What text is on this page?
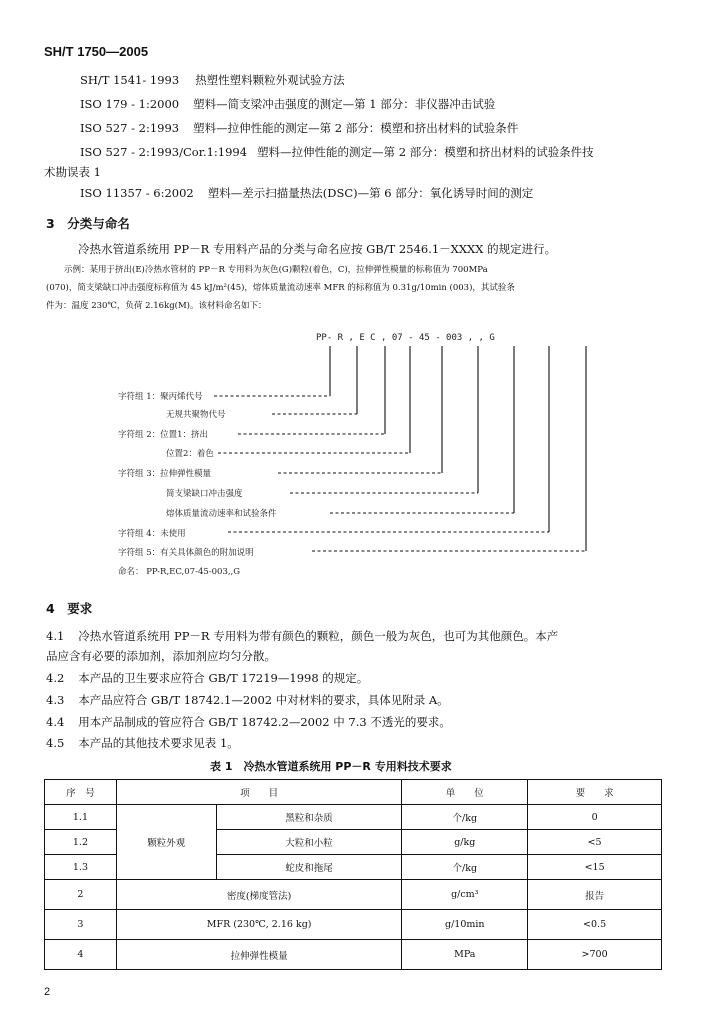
SH/T 1750—2005
SH/T 1541- 1993 热塑性塑料颗粒外观试验方法
ISO 179 - 1:2000 塑料—简支梁冲击强度的测定—第 1 部分：非仪器冲击试验
ISO 527 - 2:1993 塑料—拉伸性能的测定—第 2 部分：模塑和挤出材料的试验条件
ISO 527 - 2:1993/Cor.1:1994 塑料—拉伸性能的测定—第 2 部分：模塑和挤出材料的试验条件技
术勘误表 1
ISO 11357 - 6:2002 塑料—差示扫描量热法(DSC)—第 6 部分：氧化诱导时间的测定
3　分类与命名
冷热水管道系统用 PP－R 专用料产品的分类与命名应按 GB/T 2546.1－XXXX 的规定进行。
示例：某用于挤出(E)冷热水管材的 PP－R 专用料为灰色(G)颗粒(着色，C)，拉伸弹性模量的标称值为 700MPa
(070)，简支梁缺口冲击强度标称值为 45 kJ/m²(45)，熔体质量流动速率 MFR 的标称值为 0.31g/10min (003)，其试验条
件为：温度 230℃，负荷 2.16kg(M)。该材料命名如下：
PP- R , E C , 07 - 45 - 003 , , G
字符组 1：聚丙烯代号
无规共聚物代号
字符组 2：位置1：挤出
位置2：着色
字符组 3：拉伸弹性模量
简支梁缺口冲击强度
熔体质量流动速率和试验条件
字符组 4：未使用
字符组 5：有关具体颜色的附加说明
命名： PP-R,EC,07-45-003,,G
4　要求
4.1 冷热水管道系统用 PP－R 专用料为带有颜色的颗粒，颜色一般为灰色，也可为其他颜色。本产
品应含有必要的添加剂，添加剂应均匀分散。
4.2 本产品的卫生要求应符合 GB/T 17219—1998 的规定。
4.3 本产品应符合 GB/T 18742.1—2002 中对材料的要求，具体见附录 A。
4.4 用本产品制成的管应符合 GB/T 18742.2—2002 中 7.3 不透光的要求。
4.5 本产品的其他技术要求见表 1。
表 1　冷热水管道系统用 PP－R 专用料技术要求
序　号	项　　目		单　　位	要　　求
1.1	颗粒外观	黑粒和杂质	个/kg	0
1.2		大粒和小粒	g/kg	<5
1.3		蛇皮和拖尾	个/kg	<15
2	密度(梯度管法)		g/cm³	报告
3	MFR (230℃, 2.16 kg)		g/10min	<0.5
4	拉伸弹性模量		MPa	>700
2
